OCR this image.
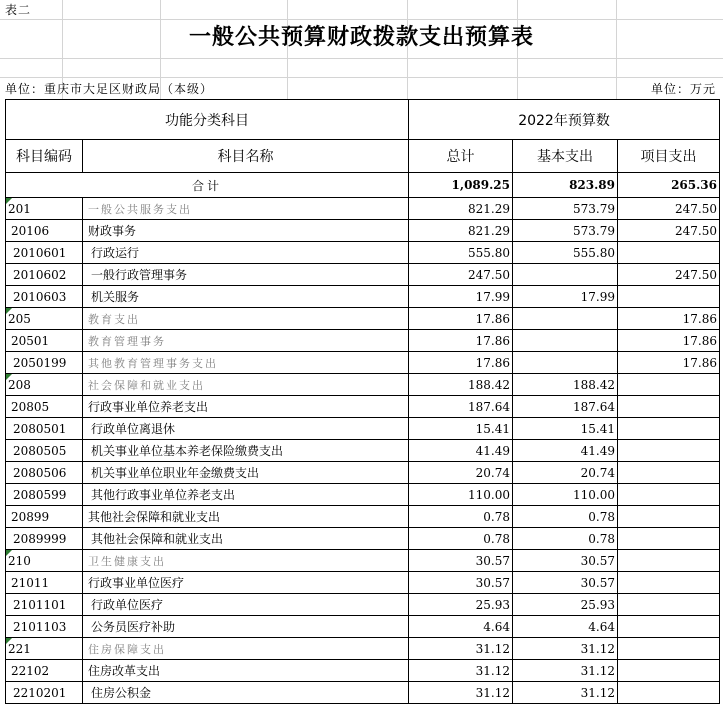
表二
一般公共预算财政拨款支出预算表
单位：重庆市大足区财政局（本级）	单位：万元
功能分类科目		2022年预算数		
科目编码	科目名称	总计	基本支出	项目支出
合计		1,089.25	823.89	265.36
201	一般公共服务支出	821.29	573.79	247.50
20106	财政事务	821.29	573.79	247.50
2010601	行政运行	555.80	555.80	
2010602	一般行政管理事务	247.50		247.50
2010603	机关服务	17.99	17.99	
205	教育支出	17.86		17.86
20501	教育管理事务	17.86		17.86
2050199	其他教育管理事务支出	17.86		17.86
208	社会保障和就业支出	188.42	188.42	
20805	行政事业单位养老支出	187.64	187.64	
2080501	行政单位离退休	15.41	15.41	
2080505	机关事业单位基本养老保险缴费支出	41.49	41.49	
2080506	机关事业单位职业年金缴费支出	20.74	20.74	
2080599	其他行政事业单位养老支出	110.00	110.00	
20899	其他社会保障和就业支出	0.78	0.78	
2089999	其他社会保障和就业支出	0.78	0.78	
210	卫生健康支出	30.57	30.57	
21011	行政事业单位医疗	30.57	30.57	
2101101	行政单位医疗	25.93	25.93	
2101103	公务员医疗补助	4.64	4.64	
221	住房保障支出	31.12	31.12	
22102	住房改革支出	31.12	31.12	
2210201	住房公积金	31.12	31.12	
